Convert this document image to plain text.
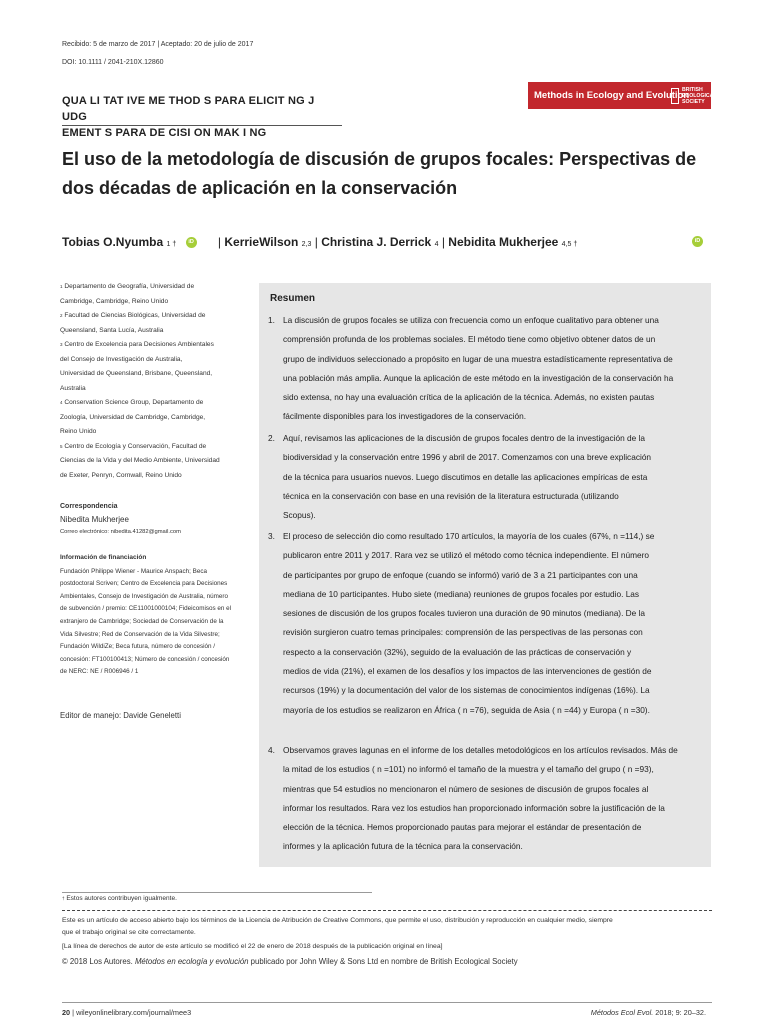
Recibido: 5 de marzo de 2017 | Aceptado: 20 de julio de 2017
DOI: 10.1111 / 2041-210X.12860
QUA LI TAT IVE ME THOD S PARA ELICIT NG J UDG
EMENT S PARA DE CISI ON MAK I NG
Methods in Ecology and Evolution
BRITISH
ECOLOGICAL
SOCIETY
El uso de la metodología de discusión de grupos focales: Perspectivas de
dos décadas de aplicación en la conservación
Tobias O.Nyumba 1 † iD | KerrieWilson 2,3 | Christina J. Derrick 4 | Nebidita Mukherjee 4,5 †	iD
1 Departamento de Geografía, Universidad de
Cambridge, Cambridge, Reino Unido
2 Facultad de Ciencias Biológicas, Universidad de
Queensland, Santa Lucía, Australia
3 Centro de Excelencia para Decisiones Ambientales
del Consejo de Investigación de Australia,
Universidad de Queensland, Brisbane, Queensland,
Australia
4 Conservation Science Group, Departamento de
Zoología, Universidad de Cambridge, Cambridge,
Reino Unido
5 Centro de Ecología y Conservación, Facultad de
Ciencias de la Vida y del Medio Ambiente, Universidad
de Exeter, Penryn, Cornwall, Reino Unido
Correspondencia
Nibedita Mukherjee
Correo electrónico: nibedita.41282@gmail.com
Información de financiación
Fundación Philippe Wiener - Maurice Anspach; Beca
postdoctoral Scriven; Centro de Excelencia para Decisiones
Ambientales, Consejo de Investigación de Australia, número
de subvención / premio: CE11001000104; Fideicomisos en el
extranjero de Cambridge; Sociedad de Conservación de la
Vida Silvestre; Red de Conservación de la Vida Silvestre;
Fundación WildiZe; Beca futura, número de concesión /
concesión: FT100100413; Número de concesión / concesión
de NERC: NE / R006946 / 1
Editor de manejo: Davide Geneletti
Resumen
1. La discusión de grupos focales se utiliza con frecuencia como un enfoque cualitativo para obtener una
comprensión profunda de los problemas sociales. El método tiene como objetivo obtener datos de un
grupo de individuos seleccionado a propósito en lugar de una muestra estadísticamente representativa de
una población más amplia. Aunque la aplicación de este método en la investigación de la conservación ha
sido extensa, no hay una evaluación crítica de la aplicación de la técnica. Además, no existen pautas
fácilmente disponibles para los investigadores de la conservación.
2. Aquí, revisamos las aplicaciones de la discusión de grupos focales dentro de la investigación de la
biodiversidad y la conservación entre 1996 y abril de 2017. Comenzamos con una breve explicación
de la técnica para usuarios nuevos. Luego discutimos en detalle las aplicaciones empíricas de esta
técnica en la conservación con base en una revisión de la literatura estructurada (utilizando
Scopus).
3. El proceso de selección dio como resultado 170 artículos, la mayoría de los cuales (67%, n =114,) se
publicaron entre 2011 y 2017. Rara vez se utilizó el método como técnica independiente. El número
de participantes por grupo de enfoque (cuando se informó) varió de 3 a 21 participantes con una
mediana de 10 participantes. Hubo siete (mediana) reuniones de grupos focales por estudio. Las
sesiones de discusión de los grupos focales tuvieron una duración de 90 minutos (mediana). De la
revisión surgieron cuatro temas principales: comprensión de las perspectivas de las personas con
respecto a la conservación (32%), seguido de la evaluación de las prácticas de conservación y
medios de vida (21%), el examen de los desafíos y los impactos de las intervenciones de gestión de
recursos (19%) y la documentación del valor de los sistemas de conocimientos indígenas (16%). La
mayoría de los estudios se realizaron en África ( n =76), seguida de Asia ( n =44) y Europa ( n =30).
4. Observamos graves lagunas en el informe de los detalles metodológicos en los artículos revisados. Más de
la mitad de los estudios ( n =101) no informó el tamaño de la muestra y el tamaño del grupo ( n =93),
mientras que 54 estudios no mencionaron el número de sesiones de discusión de grupos focales al
informar los resultados. Rara vez los estudios han proporcionado información sobre la justificación de la
elección de la técnica. Hemos proporcionado pautas para mejorar el estándar de presentación de
informes y la aplicación futura de la técnica para la conservación.
† Estos autores contribuyen igualmente.
Este es un artículo de acceso abierto bajo los términos de la Licencia de Atribución de Creative Commons, que permite el uso, distribución y reproducción en cualquier medio, siempre
que el trabajo original se cite correctamente.
[La línea de derechos de autor de este artículo se modificó el 22 de enero de 2018 después de la publicación original en línea]
© 2018 Los Autores. Métodos en ecología y evolución publicado por John Wiley & Sons Ltd en nombre de British Ecological Society
20 | wileyonlinelibrary.com/journal/mee3	Métodos Ecol Evol. 2018; 9: 20–32.
